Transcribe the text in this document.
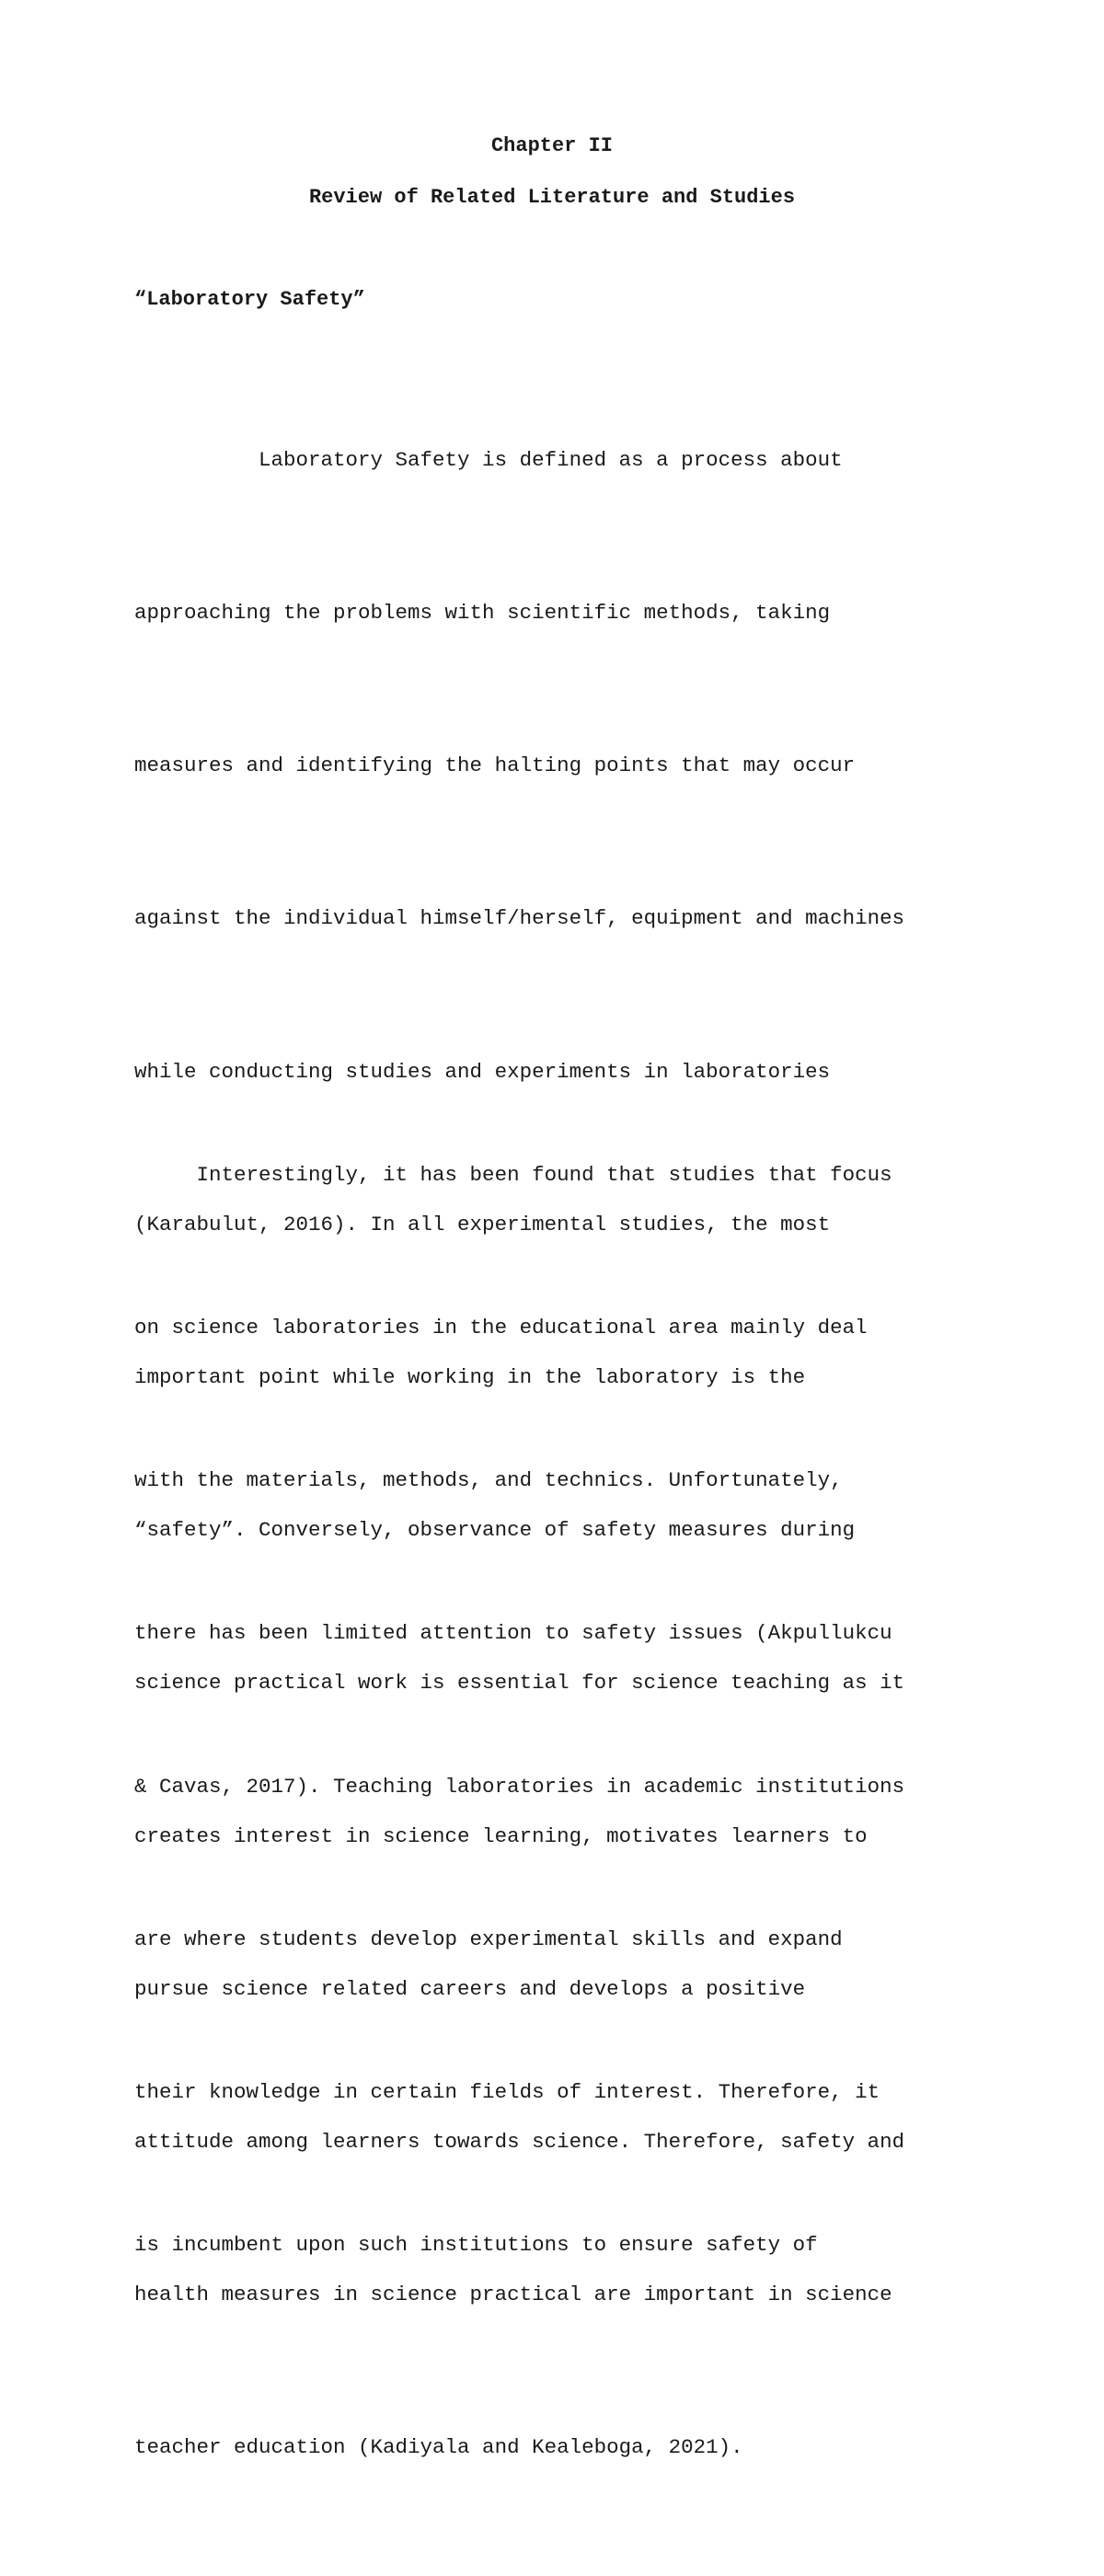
Chapter II
Review of Related Literature and Studies
“Laboratory Safety”

Laboratory Safety is defined as a process about

approaching the problems with scientific methods, taking

measures and identifying the halting points that may occur

against the individual himself/herself, equipment and machines

while conducting studies and experiments in laboratories

(Karabulut, 2016). In all experimental studies, the most

important point while working in the laboratory is the

“safety”. Conversely, observance of safety measures during

science practical work is essential for science teaching as it

creates interest in science learning, motivates learners to

pursue science related careers and develops a positive

attitude among learners towards science. Therefore, safety and

health measures in science practical are important in science

teacher education (Kadiyala and Kealeboga, 2021).

Interestingly, it has been found that studies that focus

on science laboratories in the educational area mainly deal

with the materials, methods, and technics. Unfortunately,

there has been limited attention to safety issues (Akpullukcu

& Cavas, 2017). Teaching laboratories in academic institutions

are where students develop experimental skills and expand

their knowledge in certain fields of interest. Therefore, it

is incumbent upon such institutions to ensure safety of
